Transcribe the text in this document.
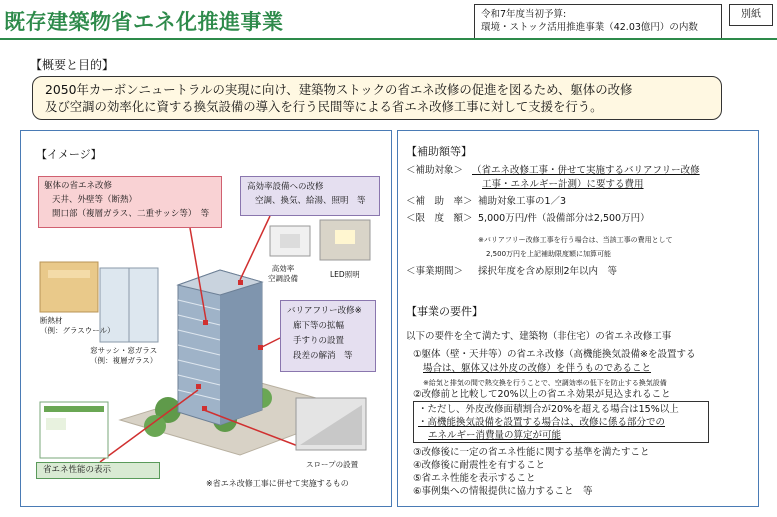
既存建築物省エネ化推進事業	令和7年度当初予算:
環境・ストック活用推進事業（42.03億円）の内数
別紙
【概要と目的】
2050年カーボンニュートラルの実現に向け、建築物ストックの省エネ改修の促進を図るため、躯体の改修
及び空調の効率化に資する換気設備の導入を行う民間等による省エネ改修工事に対して支援を行う。
【イメージ】
躯体の省エネ改修
天井、外壁等（断熱）
開口部（複層ガラス、二重サッシ等）　等
高効率設備への改修
空調、換気、給湯、照明　等
バリアフリー改修※
廊下等の拡幅
手すりの設置
段差の解消　等
省エネ性能の表示
断熱材
（例：グラスウール）
窓サッシ・窓ガラス
（例：複層ガラス）
高効率
空調設備	LED照明
スロープの設置
※省エネ改修工事に併せて実施するもの
【補助額等】
＜補助対象＞ （省エネ改修工事・併せて実施するバリアフリー改修
工事・エネルギー計測）に要する費用
＜補　助　率＞ 補助対象工事の1／3
＜限　度　額＞ 5,000万円/件（設備部分は2,500万円）
※バリアフリー改修工事を行う場合は、当該工事の費用として
2,500万円を上記補助限度額に加算可能
＜事業期間＞ 採択年度を含め原則2年以内　等
【事業の要件】
以下の要件を全て満たす、建築物（非住宅）の省エネ改修工事
①躯体（壁・天井等）の省エネ改修（高機能換気設備※を設置する
場合は、躯体又は外皮の改修）を伴うものであること
※給気と排気の間で熱交換を行うことで、空調効率の低下を防止する換気設備
②改修前と比較して20%以上の省エネ効果が見込まれること
・ただし、外皮改修面積割合が20%を超える場合は15%以上
・高機能換気設備を設置する場合は、改修に係る部分での
エネルギー消費量の算定が可能
③改修後に一定の省エネ性能に関する基準を満たすこと
④改修後に耐震性を有すること
⑤省エネ性能を表示すること
⑥事例集への情報提供に協力すること　等
